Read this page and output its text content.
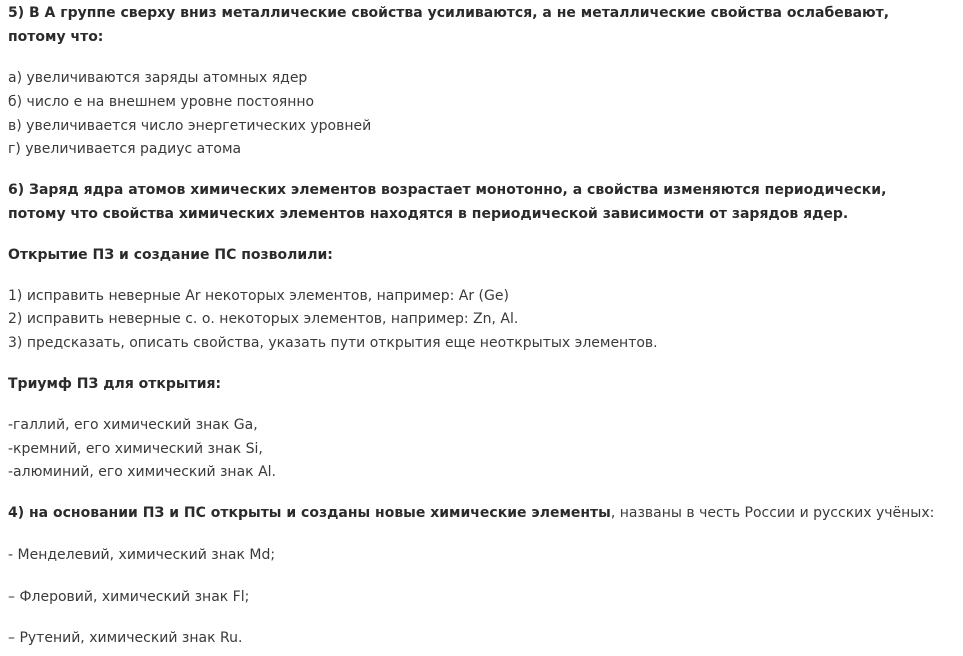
5) В А группе сверху вниз металлические свойства усиливаются, а не металлические свойства ослабевают,
потому что:
а) увеличиваются заряды атомных ядер
б) число е на внешнем уровне постоянно
в) увеличивается число энергетических уровней
г) увеличивается радиус атома
6) Заряд ядра атомов химических элементов возрастает монотонно, а свойства изменяются периодически,
потому что свойства химических элементов находятся в периодической зависимости от зарядов ядер.
Открытие ПЗ и создание ПС позволили:
1) исправить неверные Ar некоторых элементов, например: Ar (Ge)
2) исправить неверные с. о. некоторых элементов, например: Zn, Al.
3) предсказать, описать свойства, указать пути открытия еще неоткрытых элементов.
Триумф ПЗ для открытия:
-галлий, его химический знак Ga,
-кремний, его химический знак Si,
-алюминий, его химический знак Al.
4) на основании ПЗ и ПС открыты и созданы новые химические элементы, названы в честь России и русских учёных:
- Менделевий, химический знак Md;
– Флеровий, химический знак Fl;
– Рутений, химический знак Ru.
